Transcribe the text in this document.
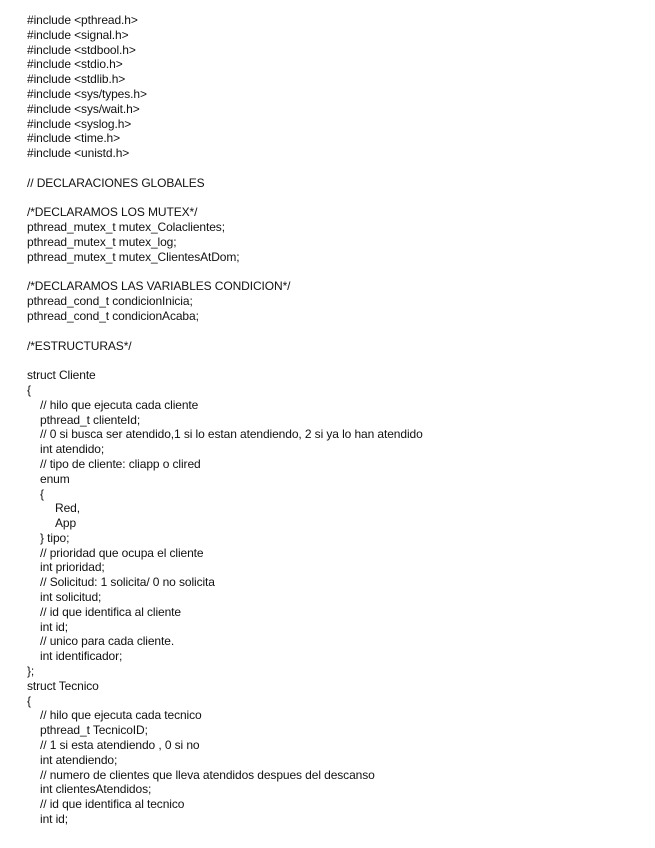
#include <pthread.h>
#include <signal.h>
#include <stdbool.h>
#include <stdio.h>
#include <stdlib.h>
#include <sys/types.h>
#include <sys/wait.h>
#include <syslog.h>
#include <time.h>
#include <unistd.h>
// DECLARACIONES GLOBALES
/*DECLARAMOS LOS MUTEX*/
pthread_mutex_t mutex_Colaclientes;
pthread_mutex_t mutex_log;
pthread_mutex_t mutex_ClientesAtDom;
/*DECLARAMOS LAS VARIABLES CONDICION*/
pthread_cond_t condicionInicia;
pthread_cond_t condicionAcaba;
/*ESTRUCTURAS*/
struct Cliente
{
// hilo que ejecuta cada cliente
pthread_t clienteId;
// 0 si busca ser atendido,1 si lo estan atendiendo, 2 si ya lo han atendido
int atendido;
// tipo de cliente: cliapp o clired
enum
{
Red,
App
} tipo;
// prioridad que ocupa el cliente
int prioridad;
// Solicitud: 1 solicita/ 0 no solicita
int solicitud;
// id que identifica al cliente
int id;
// unico para cada cliente.
int identificador;
};
struct Tecnico
{
// hilo que ejecuta cada tecnico
pthread_t TecnicoID;
// 1 si esta atendiendo , 0 si no
int atendiendo;
// numero de clientes que lleva atendidos despues del descanso
int clientesAtendidos;
// id que identifica al tecnico
int id;
